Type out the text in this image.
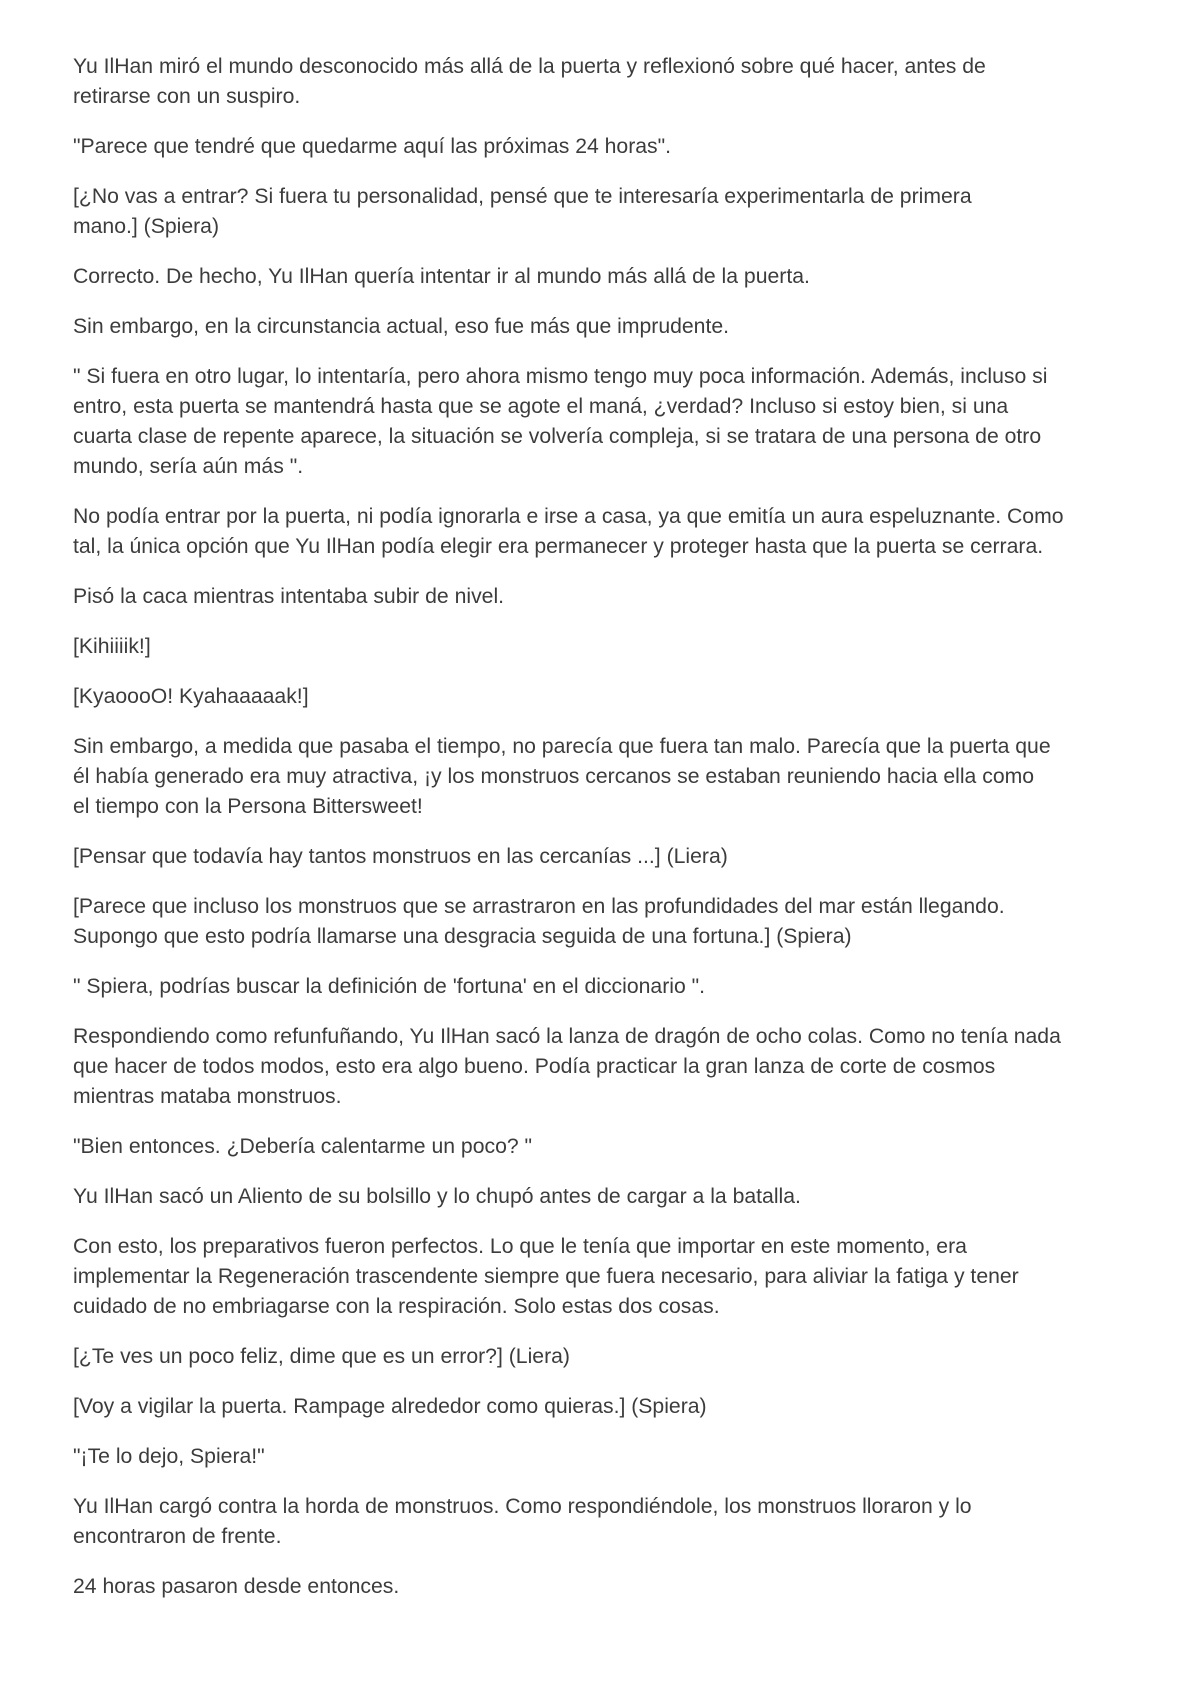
Yu IlHan miró el mundo desconocido más allá de la puerta y reflexionó sobre qué hacer, antes de
retirarse con un suspiro.

"Parece que tendré que quedarme aquí las próximas 24 horas".

[¿No vas a entrar? Si fuera tu personalidad, pensé que te interesaría experimentarla de primera
mano.] (Spiera)

Correcto. De hecho, Yu IlHan quería intentar ir al mundo más allá de la puerta.

Sin embargo, en la circunstancia actual, eso fue más que imprudente.

" Si fuera en otro lugar, lo intentaría, pero ahora mismo tengo muy poca información. Además, incluso si
entro, esta puerta se mantendrá hasta que se agote el maná, ¿verdad? Incluso si estoy bien, si una
cuarta clase de repente aparece, la situación se volvería compleja, si se tratara de una persona de otro
mundo, sería aún más ".

No podía entrar por la puerta, ni podía ignorarla e irse a casa, ya que emitía un aura espeluznante. Como
tal, la única opción que Yu IlHan podía elegir era permanecer y proteger hasta que la puerta se cerrara.

Pisó la caca mientras intentaba subir de nivel.

[Kihiiiik!]

[KyaoooO! Kyahaaaaak!]

Sin embargo, a medida que pasaba el tiempo, no parecía que fuera tan malo. Parecía que la puerta que
él había generado era muy atractiva, ¡y los monstruos cercanos se estaban reuniendo hacia ella como
el tiempo con la Persona Bittersweet!

[Pensar que todavía hay tantos monstruos en las cercanías ...] (Liera)

[Parece que incluso los monstruos que se arrastraron en las profundidades del mar están llegando.
Supongo que esto podría llamarse una desgracia seguida de una fortuna.] (Spiera)

" Spiera, podrías buscar la definición de 'fortuna' en el diccionario ".

Respondiendo como refunfuñando, Yu IlHan sacó la lanza de dragón de ocho colas. Como no tenía nada
que hacer de todos modos, esto era algo bueno. Podía practicar la gran lanza de corte de cosmos
mientras mataba monstruos.

"Bien entonces. ¿Debería calentarme un poco? "

Yu IlHan sacó un Aliento de su bolsillo y lo chupó antes de cargar a la batalla.

Con esto, los preparativos fueron perfectos. Lo que le tenía que importar en este momento, era
implementar la Regeneración trascendente siempre que fuera necesario, para aliviar la fatiga y tener
cuidado de no embriagarse con la respiración. Solo estas dos cosas.

[¿Te ves un poco feliz, dime que es un error?] (Liera)

[Voy a vigilar la puerta. Rampage alrededor como quieras.] (Spiera)

"¡Te lo dejo, Spiera!"

Yu IlHan cargó contra la horda de monstruos. Como respondiéndole, los monstruos lloraron y lo
encontraron de frente.

24 horas pasaron desde entonces.
